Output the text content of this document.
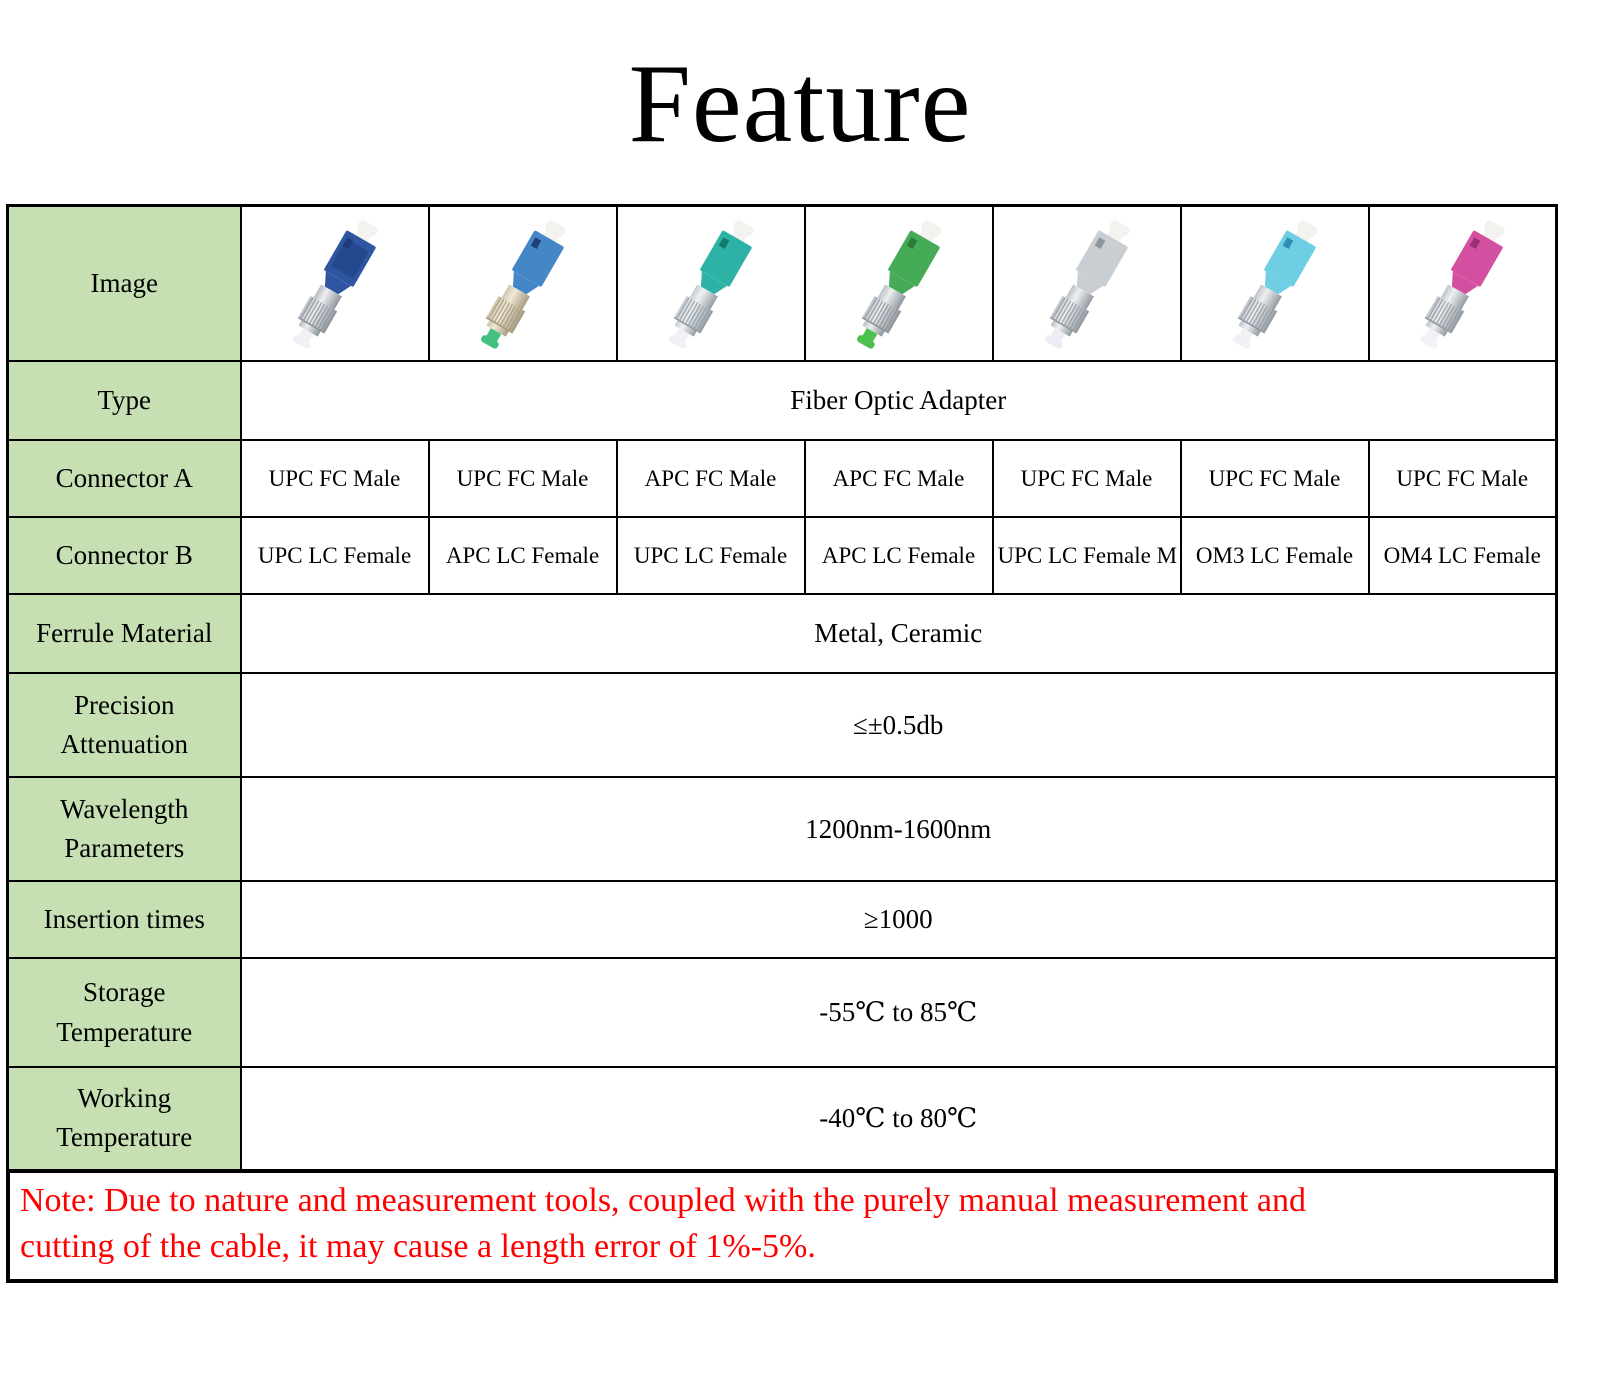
Feature
Image	

Type	Fiber Optic Adapter						
Connector A	UPC FC Male	UPC FC Male	APC FC Male	APC FC Male	UPC FC Male	UPC FC Male	UPC FC Male
Connector B	UPC LC Female	APC LC Female	UPC LC Female	APC LC Female	UPC LC Female M	OM3 LC Female	OM4 LC Female
Ferrule Material	Metal, Ceramic						
Precision Attenuation	≤±0.5db						
Wavelength Parameters	1200nm-1600nm						
Insertion times	≥1000						
Storage Temperature	-55℃ to 85℃						
Working Temperature	-40℃ to 80℃						
Note: Due to nature and measurement tools, coupled with the purely manual measurement and
cutting of the cable, it may cause a length error of 1%-5%.
